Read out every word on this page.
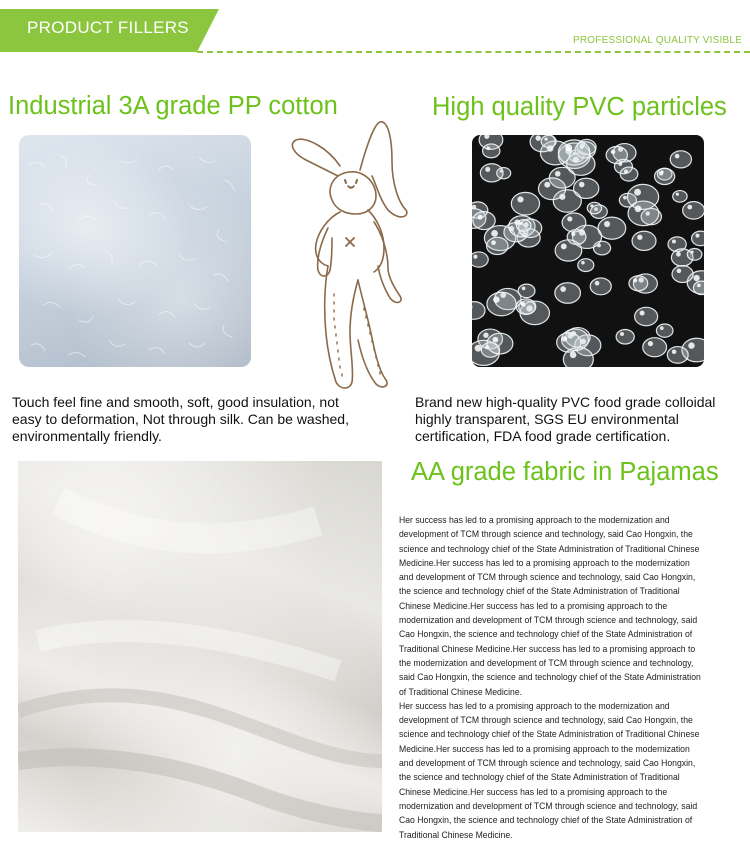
PRODUCT FILLERS
PROFESSIONAL QUALITY VISIBLE
Industrial 3A grade PP cotton	High quality PVC particles
Touch feel fine and smooth, soft, good insulation, not easy to deformation, Not through silk. Can be washed, environmentally friendly.
Brand new high-quality PVC food grade colloidal highly transparent, SGS EU environmental certification, FDA food grade certification.
AA grade fabric in Pajamas

Her success has led to a promising approach to the modernization and development of TCM through science and technology, said Cao Hongxin, the science and technology chief of the State Administration of Traditional Chinese Medicine.Her success has led to a promising approach to the modernization and development of TCM through science and technology, said Cao Hongxin, the science and technology chief of the State Administration of Traditional Chinese Medicine.Her success has led to a promising approach to the modernization and development of TCM through science and technology, said Cao Hongxin, the science and technology chief of the State Administration of Traditional Chinese Medicine.Her success has led to a promising approach to the modernization and development of TCM through science and technology, said Cao Hongxin, the science and technology chief of the State Administration of Traditional Chinese Medicine.

Her success has led to a promising approach to the modernization and development of TCM through science and technology, said Cao Hongxin, the science and technology chief of the State Administration of Traditional Chinese Medicine.Her success has led to a promising approach to the modernization and development of TCM through science and technology, said Cao Hongxin, the science and technology chief of the State Administration of Traditional Chinese Medicine.Her success has led to a promising approach to the modernization and development of TCM through science and technology, said Cao Hongxin, the science and technology chief of the State Administration of Traditional Chinese Medicine.
